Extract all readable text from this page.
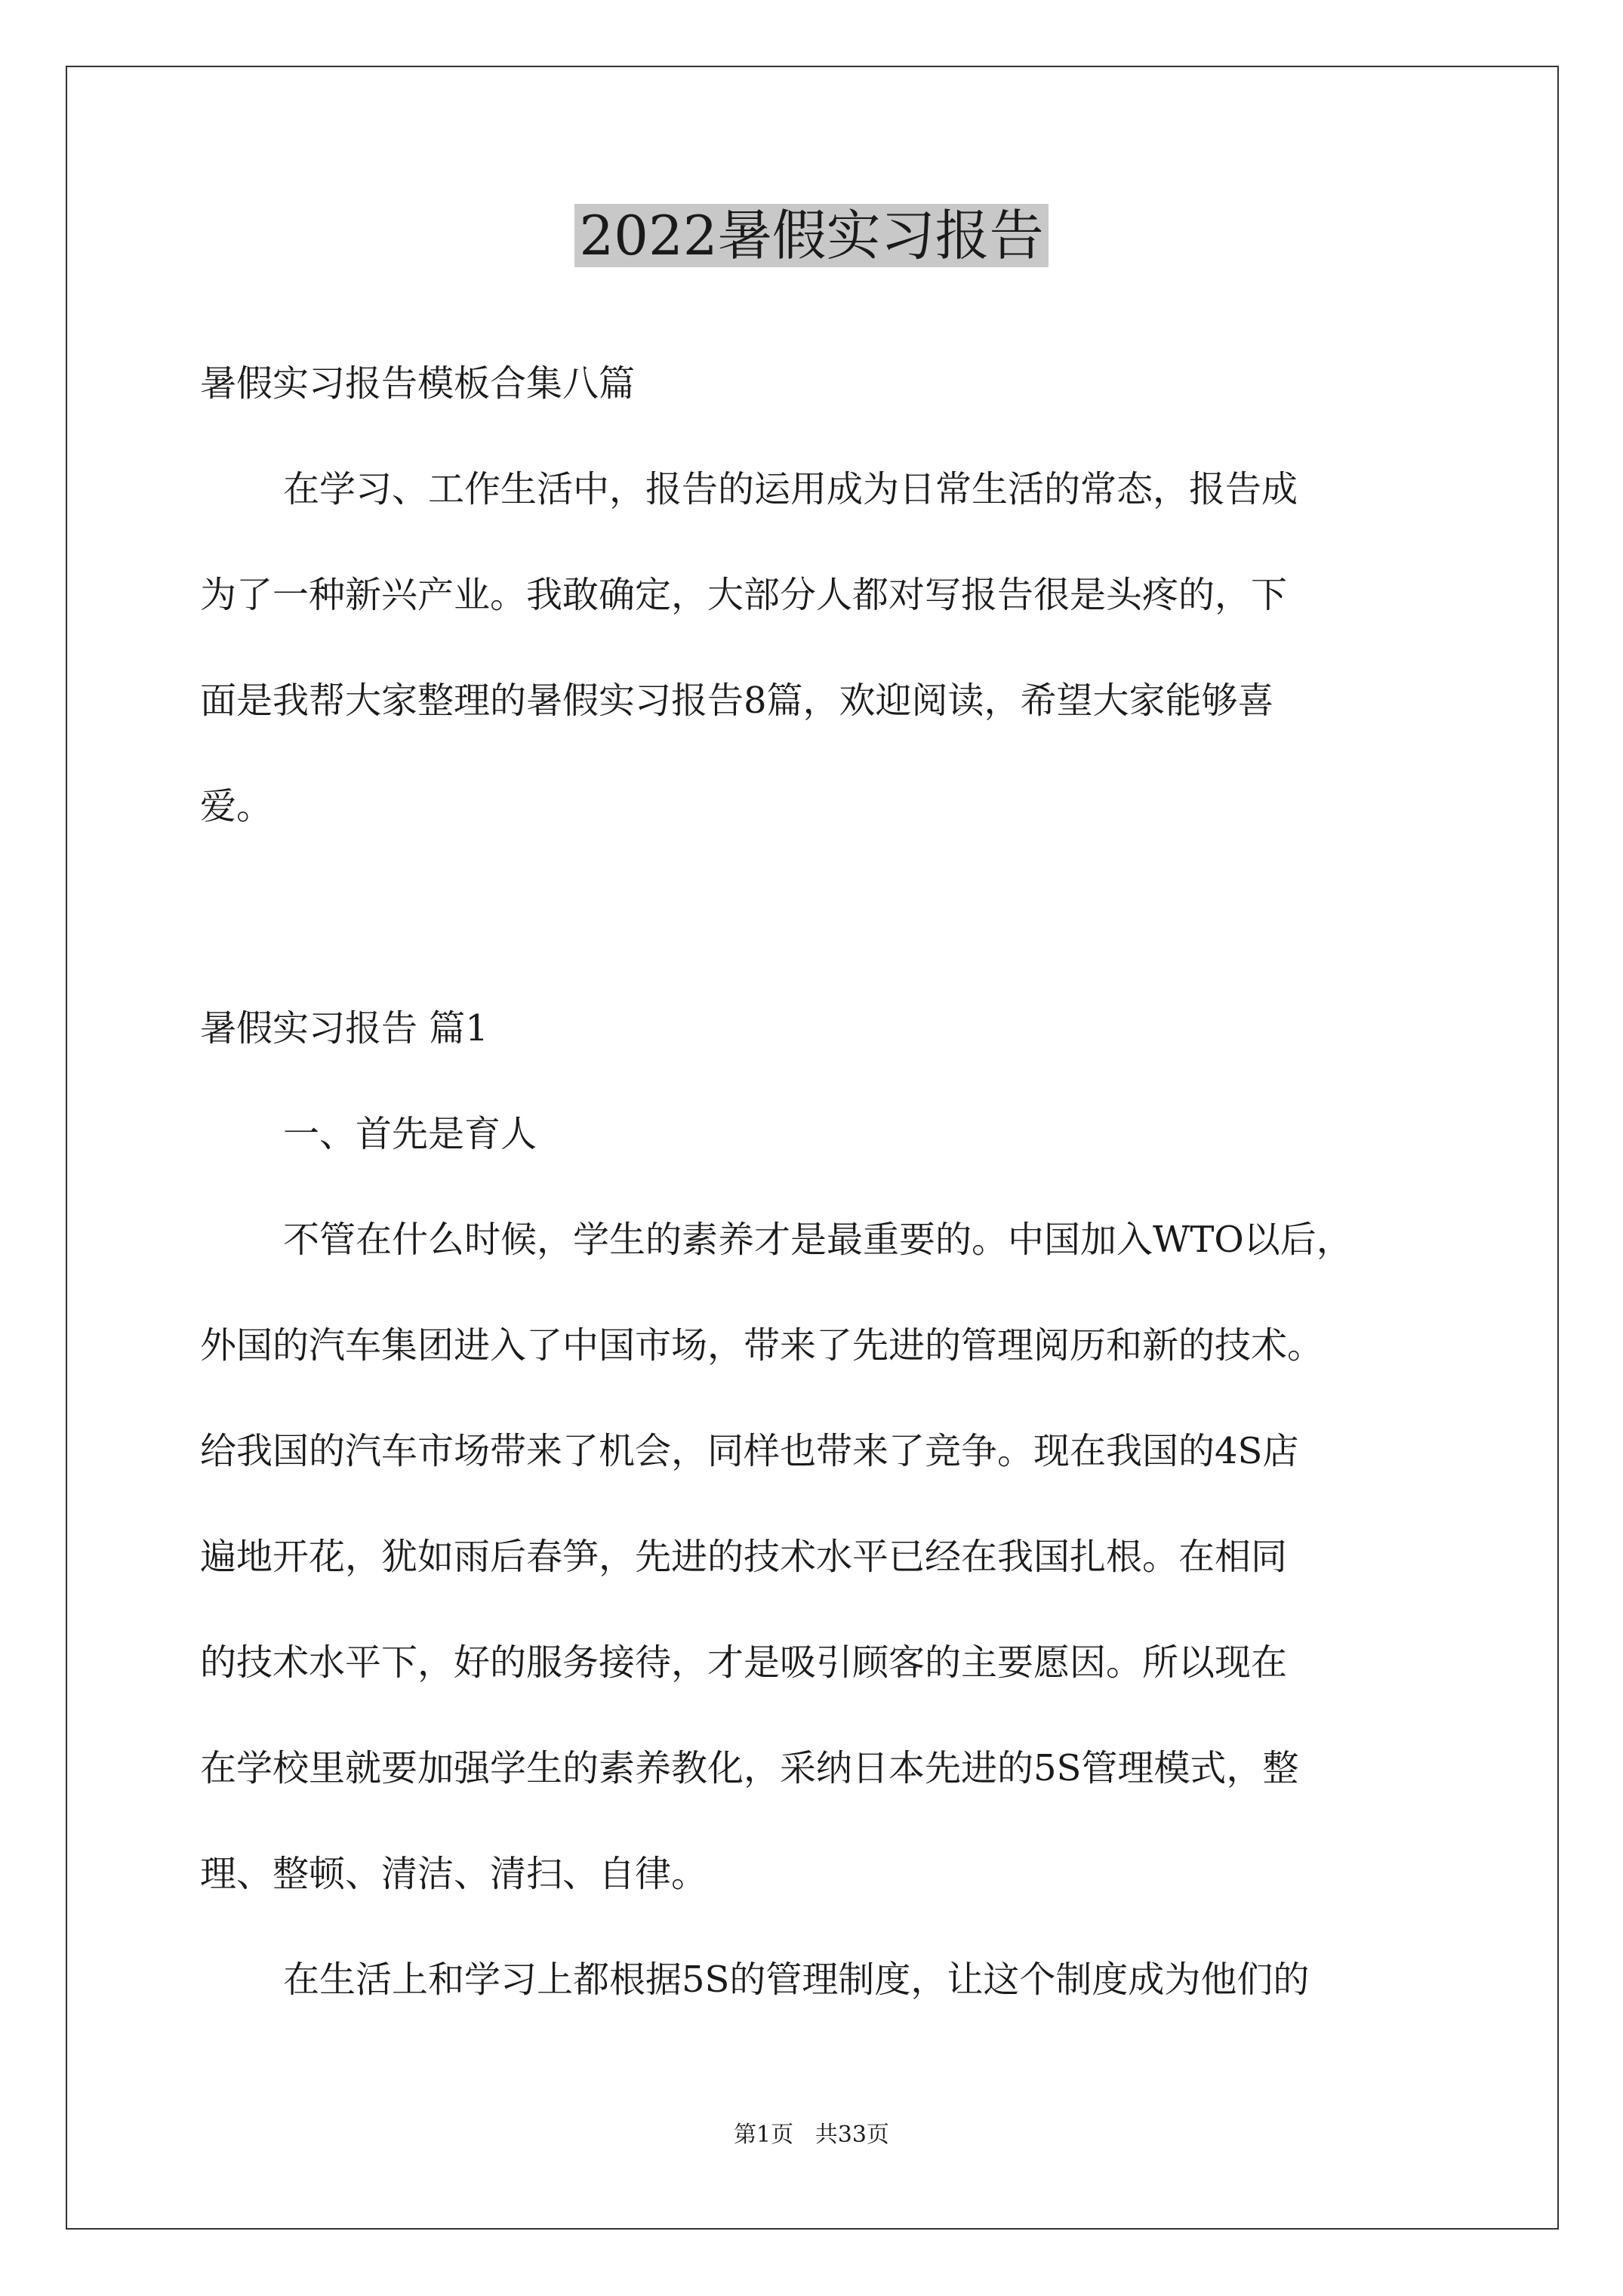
2022暑假实习报告

暑假实习报告模板合集八篇

在学习、工作生活中，报告的运用成为日常生活的常态，报告成

为了一种新兴产业。我敢确定，大部分人都对写报告很是头疼的，下

面是我帮大家整理的暑假实习报告8篇，欢迎阅读，希望大家能够喜

爱。

暑假实习报告 篇1

一、首先是育人

不管在什么时候，学生的素养才是最重要的。中国加入WTO以后，

外国的汽车集团进入了中国市场，带来了先进的管理阅历和新的技术。

给我国的汽车市场带来了机会，同样也带来了竞争。现在我国的4S店

遍地开花，犹如雨后春笋，先进的技术水平已经在我国扎根。在相同

的技术水平下，好的服务接待，才是吸引顾客的主要愿因。所以现在

在学校里就要加强学生的素养教化，采纳日本先进的5S管理模式，整

理、整顿、清洁、清扫、自律。

在生活上和学习上都根据5S的管理制度，让这个制度成为他们的

第1页   共33页
